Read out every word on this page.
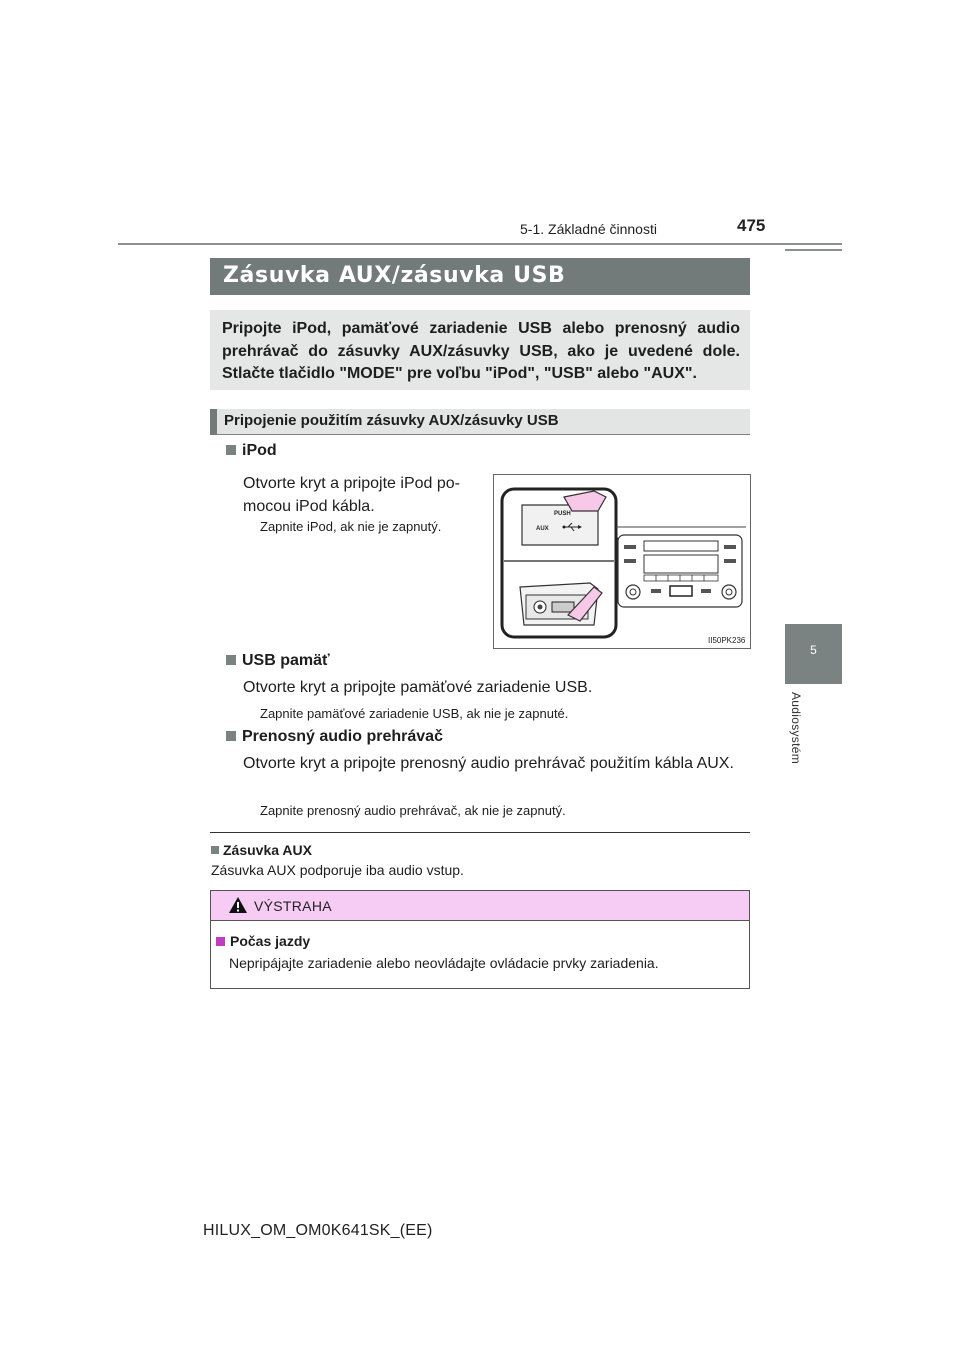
5-1. Základné činnosti	475
5
Audiosystém
Zásuvka AUX/zásuvka USB

Pripojte iPod, pamäťové zariadenie USB alebo prenosný audio prehrávač do zásuvky AUX/zásuvky USB, ako je uvedené dole. Stlačte tlačidlo "MODE" pre voľbu "iPod", "USB" alebo "AUX".

Pripojenie použitím zásuvky AUX/zásuvky USB
iPod
Otvorte kryt a pripojte iPod po-
mocou iPod kábla.
Zapnite iPod, ak nie je zapnutý.
PUSH
AUX
II50PK236
USB pamäť
Otvorte kryt a pripojte pamäťové zariadenie USB.
Zapnite pamäťové zariadenie USB, ak nie je zapnuté.
Prenosný audio prehrávač
Otvorte kryt a pripojte prenosný audio prehrávač použitím kábla AUX.
Zapnite prenosný audio prehrávač, ak nie je zapnutý.
Zásuvka AUX
Zásuvka AUX podporuje iba audio vstup.
VÝSTRAHA
Počas jazdy
Nepripájajte zariadenie alebo neovládajte ovládacie prvky zariadenia.
HILUX_OM_OM0K641SK_(EE)
